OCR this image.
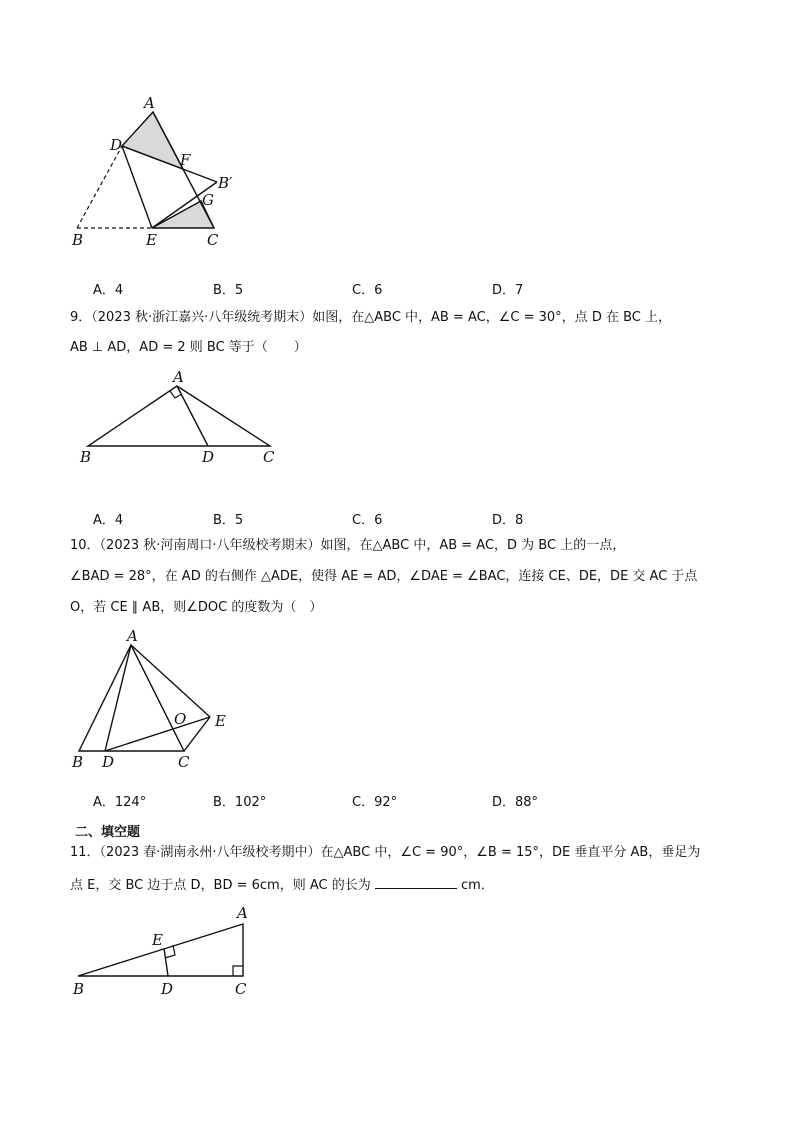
A
D
F
B′
G
B	E	C
A．4	B．5	C．6	D．7
9．（2023 秋·浙江嘉兴·八年级统考期末）如图，在△ABC 中，AB = AC，∠C = 30°，点 D 在 BC 上，
AB ⊥ AD，AD = 2 则 BC 等于（　　）
A
B	D	C
A．4	B．5	C．6	D．8
10．（2023 秋·河南周口·八年级校考期末）如图，在△ABC 中，AB = AC，D 为 BC 上的一点，
∠BAD = 28°，在 AD 的右侧作 △ADE，使得 AE = AD，∠DAE = ∠BAC，连接 CE、DE，DE 交 AC 于点
O，若 CE ∥ AB，则∠DOC 的度数为（　）
A
O E
B D	C
A．124°	B．102°	C．92°	D．88°
二、填空题
11．（2023 春·湖南永州·八年级校考期中）在△ABC 中，∠C = 90°，∠B = 15°，DE 垂直平分 AB，垂足为
点 E，交 BC 边于点 D，BD = 6cm，则 AC 的长为	cm．
A
E
B	D	C
